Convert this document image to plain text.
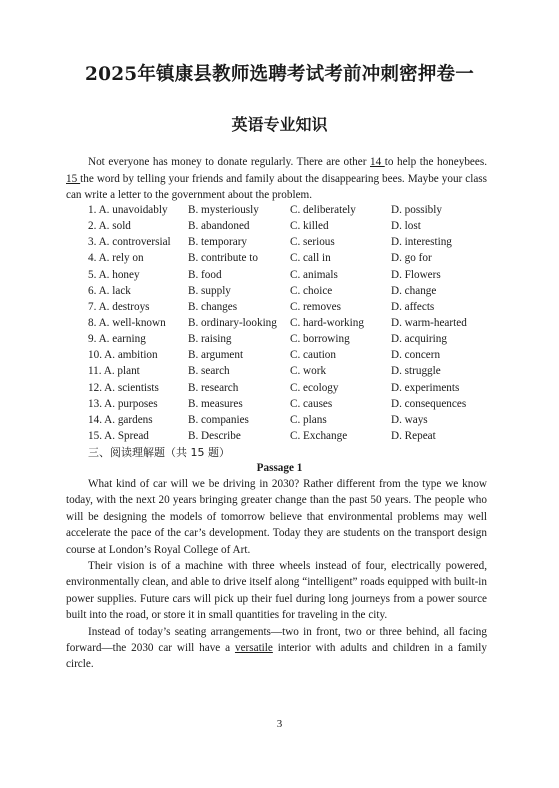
2025年镇康县教师选聘考试考前冲刺密押卷一
英语专业知识

Not everyone has money to donate regularly. There are other 14 to help the honeybees. 15 the word by telling your friends and family about the disappearing bees. Maybe your class can write a letter to the government about the problem.

1. A. unavoidably	B. mysteriously	C. deliberately	D. possibly
2. A. sold	B. abandoned	C. killed	D. lost
3. A. controversial	B. temporary	C. serious	D. interesting
4. A. rely on	B. contribute to	C. call in	D. go for
5. A. honey	B. food	C. animals	D. Flowers
6. A. lack	B. supply	C. choice	D. change
7. A. destroys	B. changes	C. removes	D. affects
8. A. well-known	B. ordinary-looking	C. hard-working	D. warm-hearted
9. A. earning	B. raising	C. borrowing	D. acquiring
10. A. ambition	B. argument	C. caution	D. concern
11. A. plant	B. search	C. work	D. struggle
12. A. scientists	B. research	C. ecology	D. experiments
13. A. purposes	B. measures	C. causes	D. consequences
14. A. gardens	B. companies	C. plans	D. ways
15. A. Spread	B. Describe	C. Exchange	D. Repeat
三、阅读理解题（共 15 题）
Passage 1

What kind of car will we be driving in 2030? Rather different from the type we know today, with the next 20 years bringing greater change than the past 50 years. The people who will be designing the models of tomorrow believe that environmental problems may well accelerate the pace of the car’s development. Today they are students on the transport design course at London’s Royal College of Art.

Their vision is of a machine with three wheels instead of four, electrically powered, environmentally clean, and able to drive itself along “intelligent” roads equipped with built-in power supplies. Future cars will pick up their fuel during long journeys from a power source built into the road, or store it in small quantities for traveling in the city.

Instead of today’s seating arrangements—two in front, two or three behind, all facing forward—the 2030 car will have a versatile interior with adults and children in a family circle.

3
